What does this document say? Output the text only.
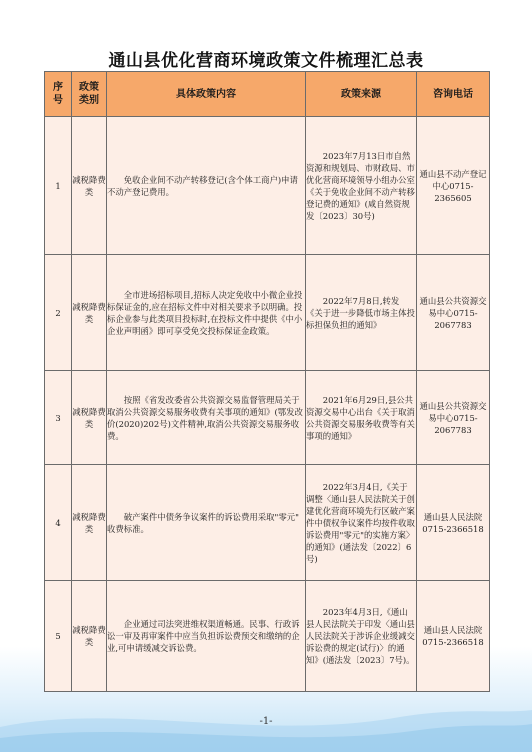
通山县优化营商环境政策文件梳理汇总表
序号	政策类别	具体政策内容	政策来源	咨询电话
1	减税降费类	免收企业间不动产转移登记(含个体工商户)申请不动产登记费用。	2023年7月13日市自然资源和规划局、市财政局、市优化营商环境领导小组办公室《关于免收企业间不动产转移登记费的通知》(咸自然资规发〔2023〕30号)	通山县不动产登记中心0715-2365605
2	减税降费类	全市进场招标项目,招标人决定免收中小微企业投标保证金的,应在招标文件中对相关要求予以明确。投标企业参与此类项目投标时,在投标文件中提供《中小企业声明函》即可享受免交投标保证金政策。	2022年7月8日,转发《关于进一步降低市场主体投标担保负担的通知》	通山县公共资源交易中心0715-2067783
3	减税降费类	按照《省发改委省公共资源交易监督管理局关于取消公共资源交易服务收费有关事项的通知》(鄂发改价(2020)202号)文件精神,取消公共资源交易服务收费。	2021年6月29日,县公共资源交易中心出台《关于取消公共资源交易服务收费等有关事项的通知》	通山县公共资源交易中心0715-2067783
4	减税降费类	破产案件中债务争议案件的诉讼费用采取"零元" 收费标准。	2022年3月4日,《关于调整〈通山县人民法院关于创建优化营商环境先行区破产案件中债权争议案件均按件收取诉讼费用"零元"的实施方案〉的通知》(通法发〔2022〕6号)	通山县人民法院0715-2366518
5	减税降费类	企业通过司法突进维权渠道畅通。民事、行政诉讼一审及再审案件中应当负担诉讼费预交和缴纳的企业,可申请缓减交诉讼费。	2023年4月3日,《通山县人民法院关于印发〈通山县人民法院关于涉诉企业缓减交诉讼费的规定(试行)〉的通知》(通法发〔2023〕7号)。	通山县人民法院0715-2366518
-1-
